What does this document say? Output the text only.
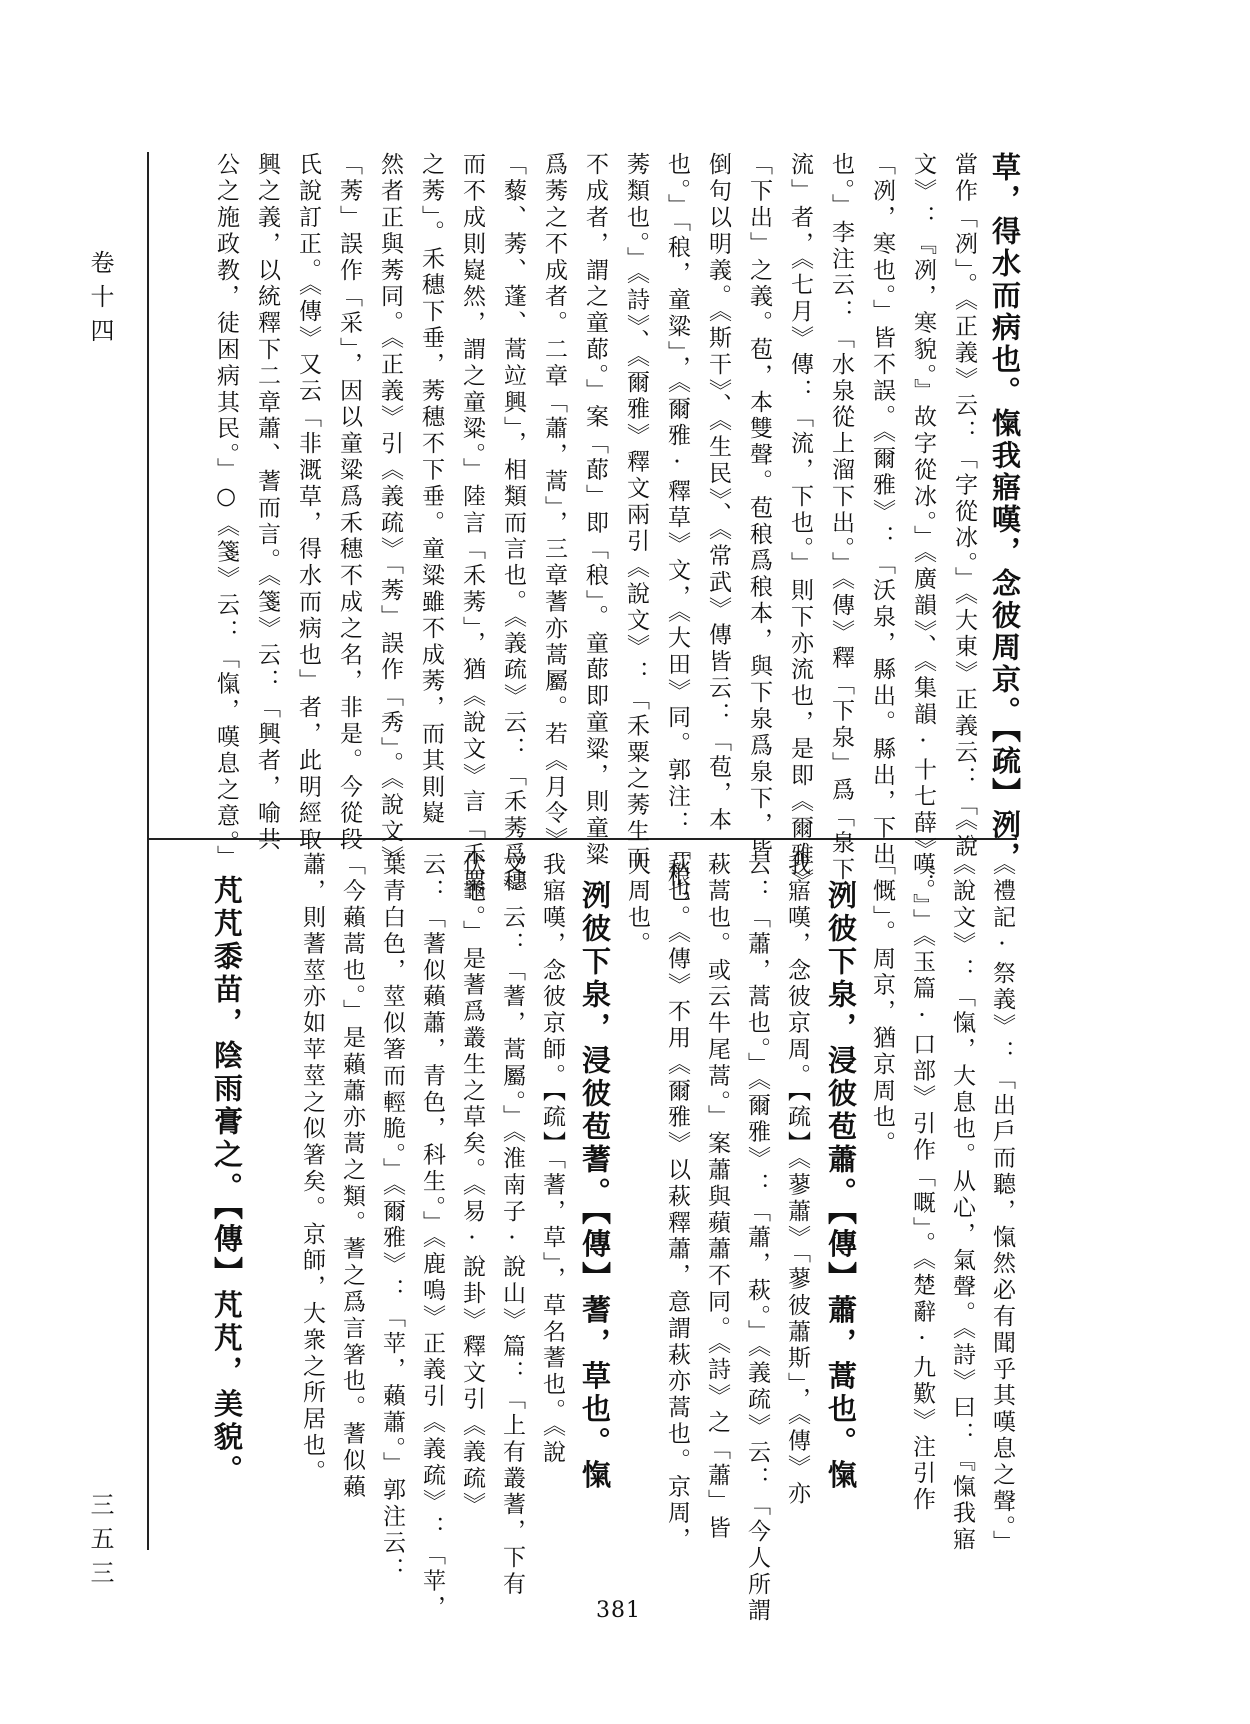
卷十四
三五三

草，得水而病也。愾我寤嘆，念彼周京。【疏】洌，

當作「冽」。《正義》云：「字從冰。」《大東》正義云：「《說

文》：『冽，寒貌。』故字從冰。」《廣韻》、《集韻·十七薛》：

「冽，寒也。」皆不誤。《爾雅》：「沃泉，縣出。縣出，下出

也。」李注云：「水泉從上溜下出。」《傳》釋「下泉」爲「泉下

流」者，《七月》傳：「流，下也。」則下亦流也，是即《爾雅》

「下出」之義。苞，本雙聲。苞稂爲稂本，與下泉爲泉下，皆

倒句以明義。《斯干》、《生民》、《常武》傳皆云：「苞，本

也。」「稂，童粱」，《爾雅·釋草》文，《大田》同。郭注：「稂，

莠類也。」《詩》、《爾雅》釋文兩引《說文》：「禾粟之莠生而

不成者，謂之童蓈。」案「蓈」即「稂」。童蓈即童粱，則童粱

爲莠之不成者。二章「蕭，蒿」，三章蓍亦蒿屬。若《月令》

「藜、莠、蓬、蒿竝興」，相類而言也。《義疏》云：「禾莠爲穗

而不成則嶷然，謂之童粱。」陸言「禾莠」，猶《說文》言「禾粟

之莠」。禾穗下垂，莠穗不下垂。童粱雖不成莠，而其則嶷

然者正與莠同。《正義》引《義疏》「莠」誤作「秀」。《說文》

「莠」誤作「采」，因以童粱爲禾穗不成之名，非是。今從段

氏說訂正。《傳》又云「非溉草，得水而病也」者，此明經取

興之義，以統釋下二章蕭、蓍而言。《箋》云：「興者，喻共

公之施政教，徒困病其民。」○《箋》云：「愾，嘆息之意。」

《禮記·祭義》：「出戶而聽，愾然必有聞乎其嘆息之聲。」

《說文》：「愾，大息也。从心，氣聲。《詩》曰：『愾我寤

嘆。』」《玉篇·口部》引作「嘅」。《楚辭·九歎》注引作

「慨」。周京，猶京周也。

洌彼下泉，浸彼苞蕭。【傳】蕭，蒿也。愾

我寤嘆，念彼京周。【疏】《蓼蕭》「蓼彼蕭斯」，《傳》亦

云：「蕭，蒿也。」《爾雅》：「蕭，萩。」《義疏》云：「今人所謂

萩蒿也。或云牛尾蒿。」案蕭與蘋蕭不同。《詩》之「蕭」皆

萩也。《傳》不用《爾雅》以萩釋蕭，意謂萩亦蒿也。京周，

大周也。

洌彼下泉，浸彼苞蓍。【傳】蓍，草也。愾

我寤嘆，念彼京師。【疏】「蓍，草」，草名蓍也。《說

文》云：「蓍，蒿屬。」《淮南子·說山》篇：「上有叢蓍，下有

伏龜。」是蓍爲叢生之草矣。《易·說卦》釋文引《義疏》

云：「蓍似藾蕭，青色，科生。」《鹿鳴》正義引《義疏》：「苹，

葉青白色，莖似箸而輕脆。」《爾雅》：「苹，藾蕭。」郭注云：

「今藾蒿也。」是藾蕭亦蒿之類。蓍之爲言箸也。蓍似藾

蕭，則蓍莖亦如苹莖之似箸矣。京師，大衆之所居也。

芃芃黍苗，陰雨膏之。【傳】芃芃，美貌。

381
